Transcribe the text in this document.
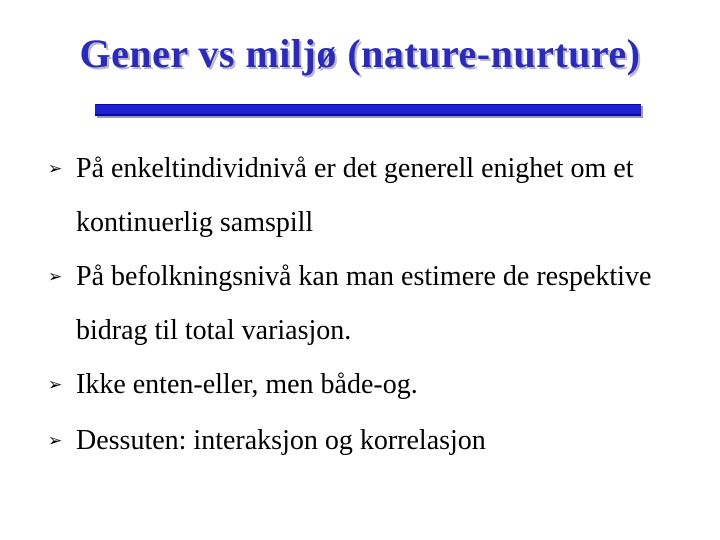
Gener vs miljø (nature-nurture)
➢ På enkeltindividnivå er det generell enighet om et kontinuerlig samspill
➢ På befolkningsnivå kan man estimere de respektive bidrag til total variasjon.
➢ Ikke enten-eller, men både-og.
➢ Dessuten: interaksjon og korrelasjon
